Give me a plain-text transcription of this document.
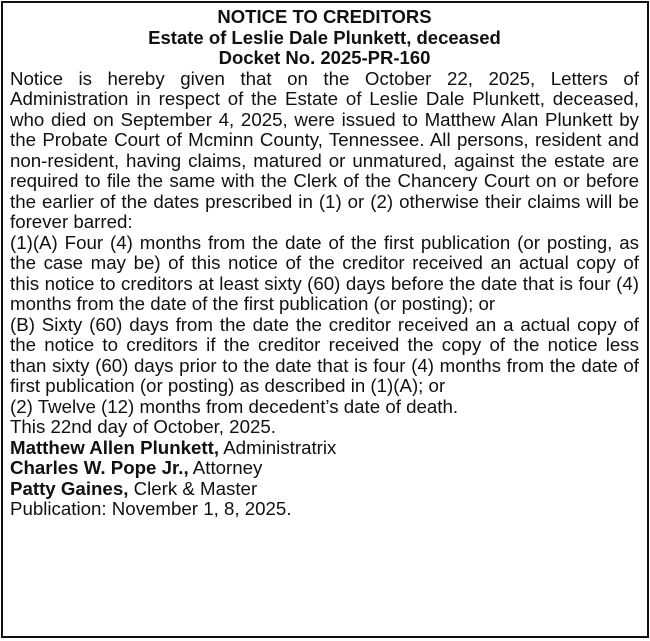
NOTICE TO CREDITORS
Estate of Leslie Dale Plunkett, deceased
Docket No. 2025-PR-160
Notice is hereby given that on the October 22, 2025, Letters of Administration in respect of the Estate of Leslie Dale Plunkett, deceased, who died on September 4, 2025, were issued to Matthew Alan Plunkett by the Probate Court of Mcminn County, Tennessee. All persons, resident and non-resident, having claims, matured or unmatured, against the estate are required to file the same with the Clerk of the Chancery Court on or before the earlier of the dates prescribed in (1) or (2) otherwise their claims will be forever barred:
(1)(A) Four (4) months from the date of the first publication (or posting, as the case may be) of this notice of the creditor received an actual copy of this notice to creditors at least sixty (60) days before the date that is four (4) months from the date of the first publication (or posting); or
(B) Sixty (60) days from the date the creditor received an a actual copy of the notice to creditors if the creditor received the copy of the notice less than sixty (60) days prior to the date that is four (4) months from the date of first publication (or posting) as described in (1)(A); or
(2) Twelve (12) months from decedent’s date of death.
This 22nd day of October, 2025.
Matthew Allen Plunkett, Administratrix
Charles W. Pope Jr., Attorney
Patty Gaines, Clerk & Master
Publication: November 1, 8, 2025.
